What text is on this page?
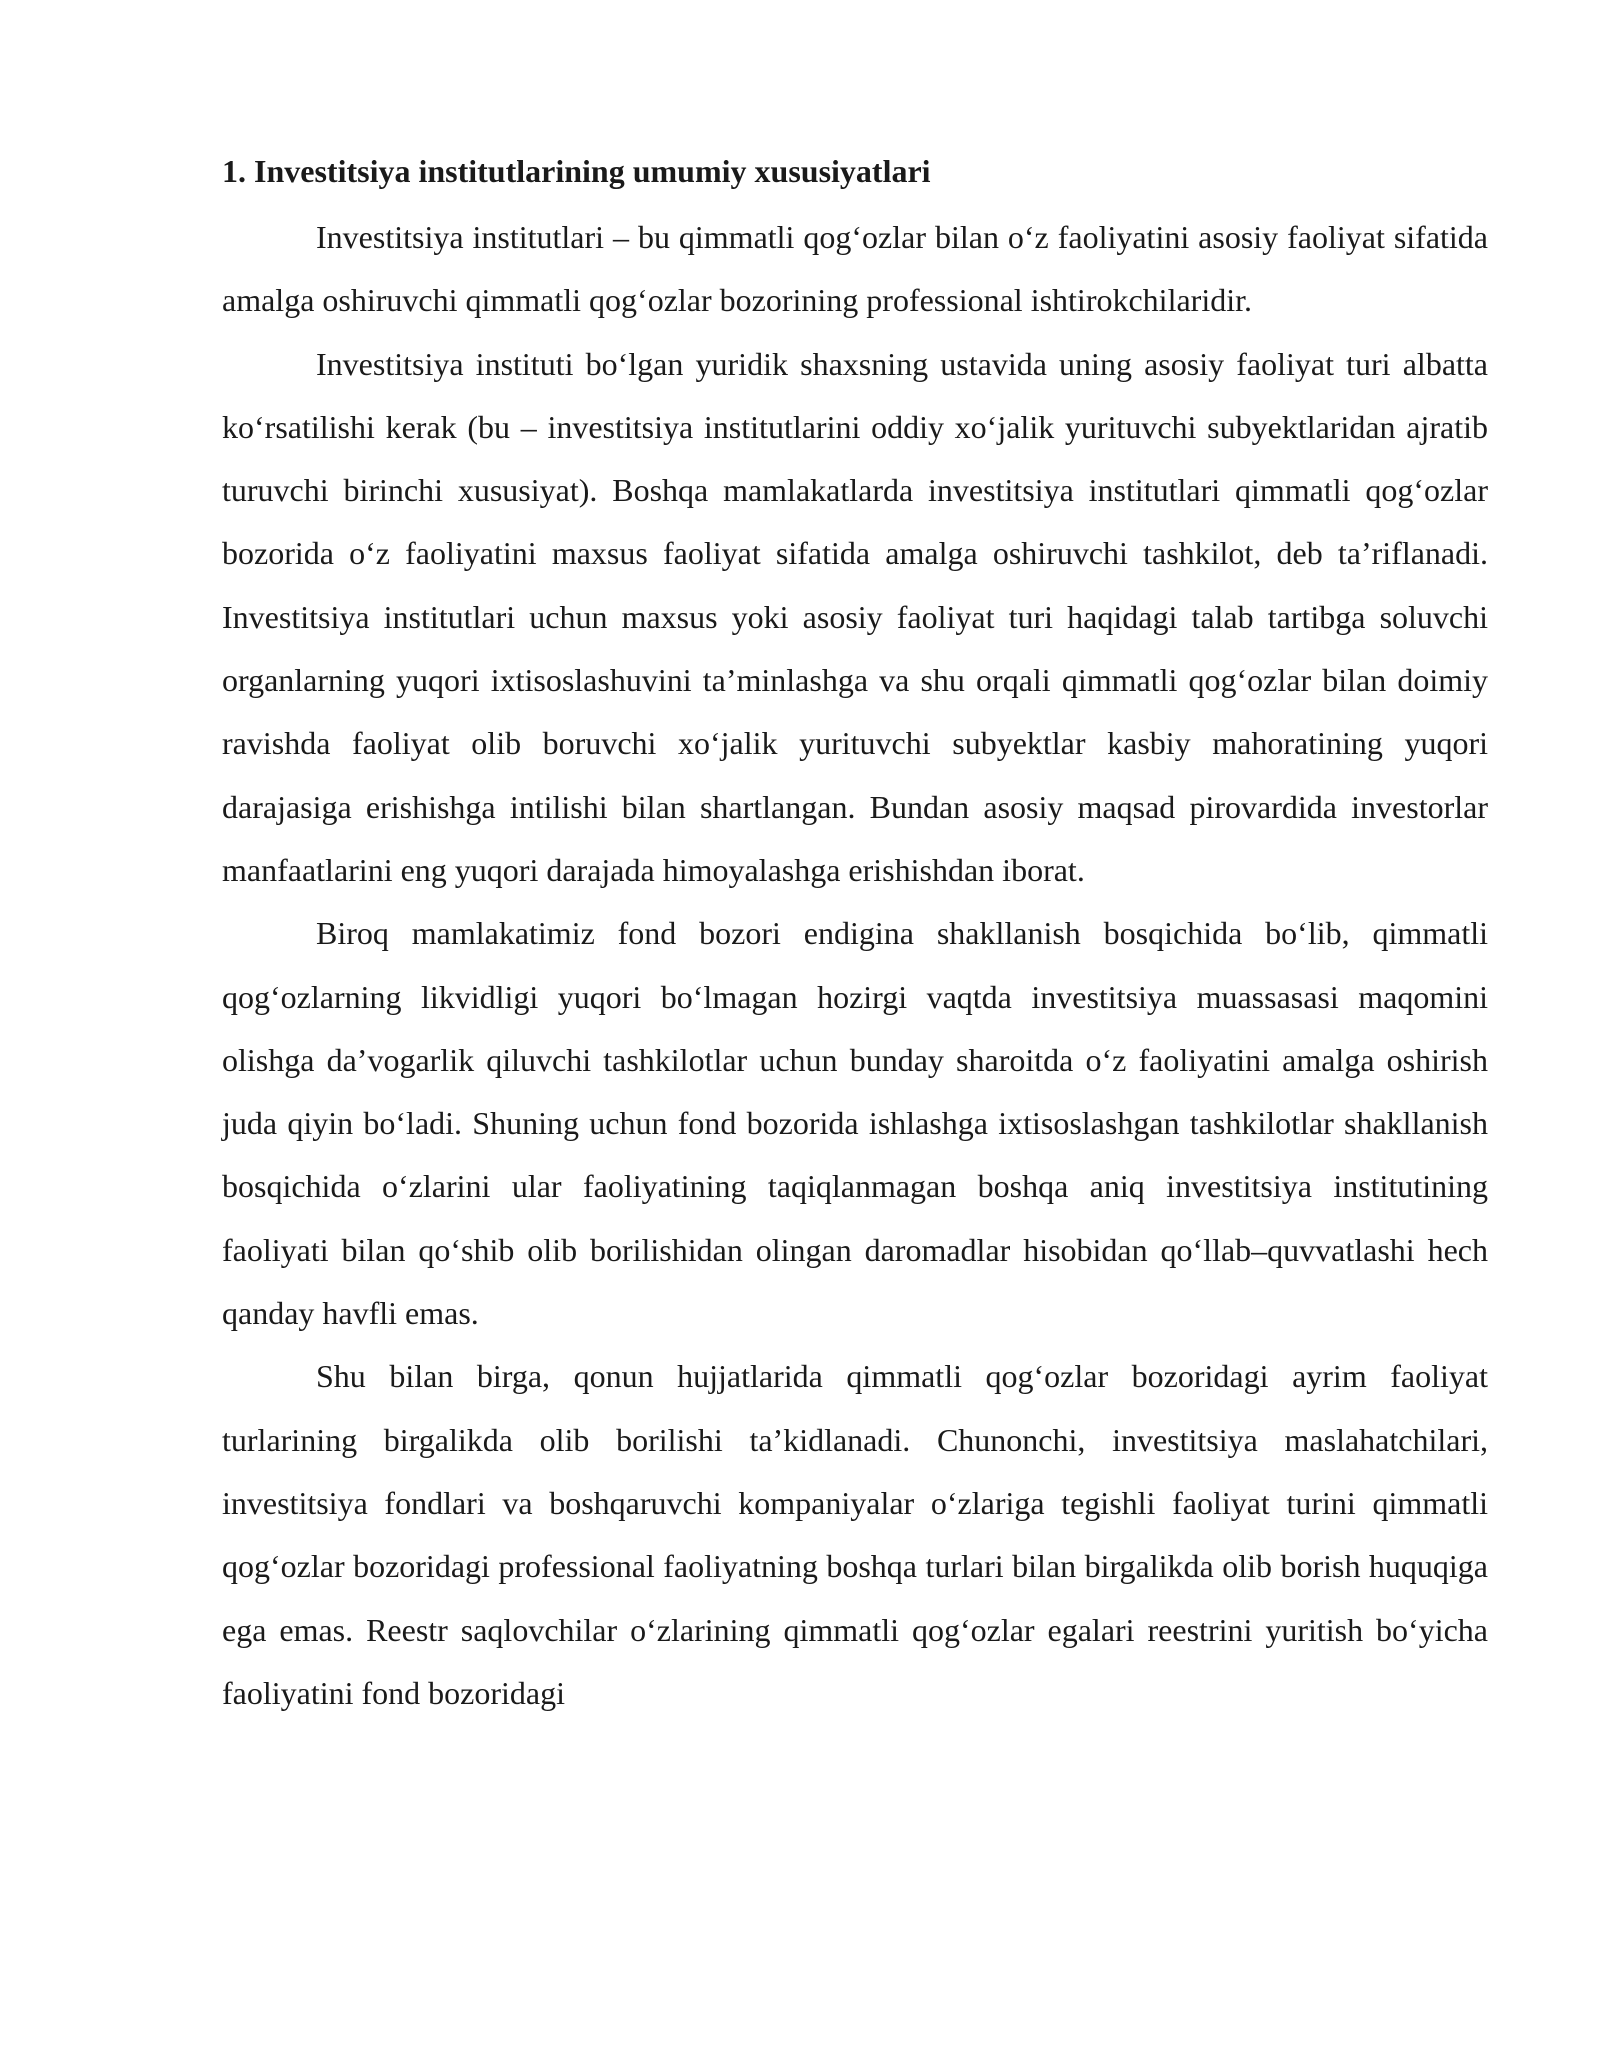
1. Investitsiya institutlarining umumiy xususiyatlari

Investitsiya institutlari – bu qimmatli qog‘ozlar bilan o‘z faoliyatini asosiy faoliyat sifatida amalga oshiruvchi qimmatli qog‘ozlar bozorining professional ishtirokchilaridir.

Investitsiya instituti bo‘lgan yuridik shaxsning ustavida uning asosiy faoliyat turi albatta ko‘rsatilishi kerak (bu – investitsiya institutlarini oddiy xo‘jalik yurituvchi subyektlaridan ajratib turuvchi birinchi xususiyat). Boshqa mamlakatlarda investitsiya institutlari qimmatli qog‘ozlar bozorida o‘z faoliyatini maxsus faoliyat sifatida amalga oshiruvchi tashkilot, deb ta’riflanadi. Investitsiya institutlari uchun maxsus yoki asosiy faoliyat turi haqidagi talab tartibga soluvchi organlarning yuqori ixtisoslashuvini ta’minlashga va shu orqali qimmatli qog‘ozlar bilan doimiy ravishda faoliyat olib boruvchi xo‘jalik yurituvchi subyektlar kasbiy mahoratining yuqori darajasiga erishishga intilishi bilan shartlangan. Bundan asosiy maqsad pirovardida investorlar manfaatlarini eng yuqori darajada himoyalashga erishishdan iborat.

Biroq mamlakatimiz fond bozori endigina shakllanish bosqichida bo‘lib, qimmatli qog‘ozlarning likvidligi yuqori bo‘lmagan hozirgi vaqtda investitsiya muassasasi maqomini olishga da’vogarlik qiluvchi tashkilotlar uchun bunday sharoitda o‘z faoliyatini amalga oshirish juda qiyin bo‘ladi. Shuning uchun fond bozorida ishlashga ixtisoslashgan tashkilotlar shakllanish bosqichida o‘zlarini ular faoliyatining taqiqlanmagan boshqa aniq investitsiya institutining faoliyati bilan qo‘shib olib borilishidan olingan daromadlar hisobidan qo‘llab–quvvatlashi hech qanday havfli emas.

Shu bilan birga, qonun hujjatlarida qimmatli qog‘ozlar bozoridagi ayrim faoliyat turlarining birgalikda olib borilishi ta’kidlanadi. Chunonchi, investitsiya maslahatchilari, investitsiya fondlari va boshqaruvchi kompaniyalar o‘zlariga tegishli faoliyat turini qimmatli qog‘ozlar bozoridagi professional faoliyatning boshqa turlari bilan birgalikda olib borish huquqiga ega emas. Reestr saqlovchilar o‘zlarining qimmatli qog‘ozlar egalari reestrini yuritish bo‘yicha faoliyatini fond bozoridagi
